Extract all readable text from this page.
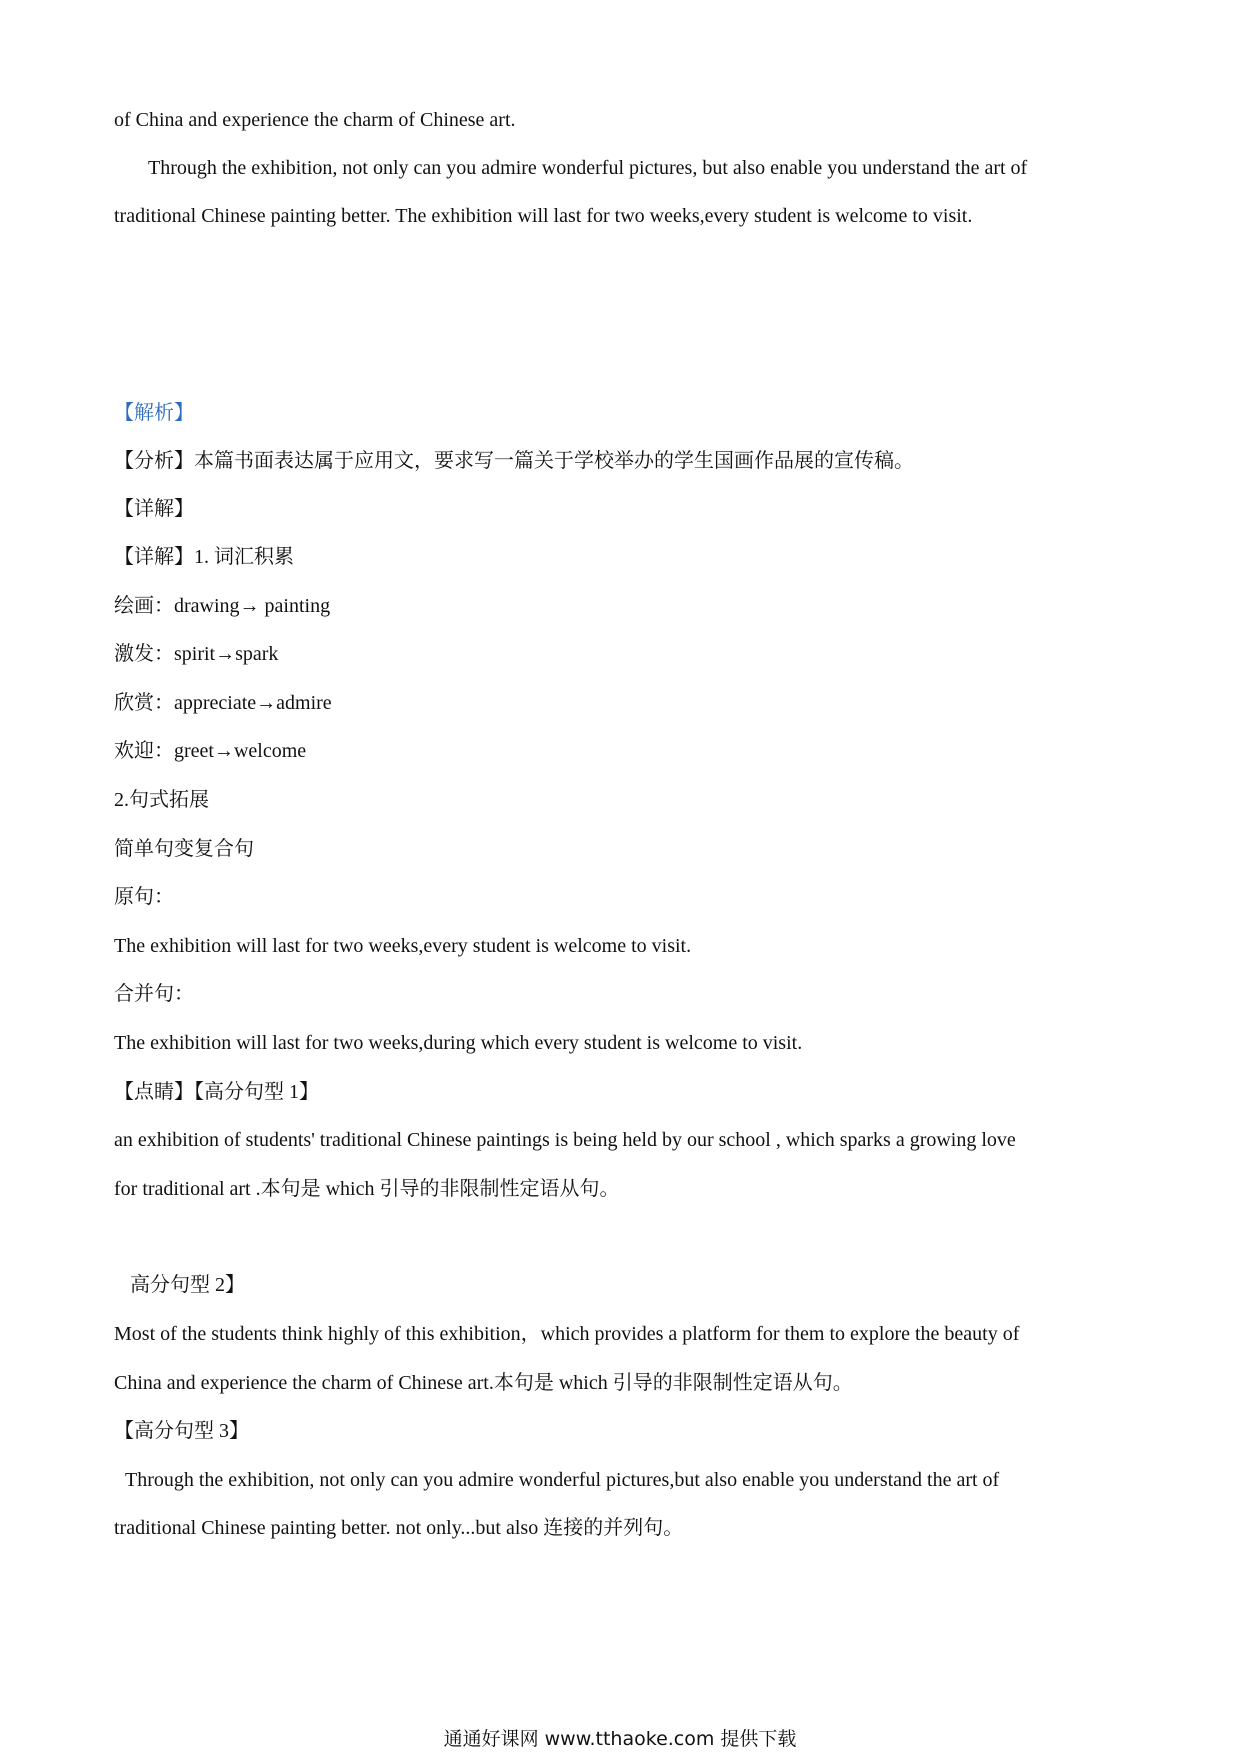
of China and experience the charm of Chinese art.
Through the exhibition, not only can you admire wonderful pictures, but also enable you understand the art of
traditional Chinese painting better. The exhibition will last for two weeks,every student is welcome to visit.
【解析】
【分析】本篇书面表达属于应用文，要求写一篇关于学校举办的学生国画作品展的宣传稿。
【详解】
【详解】1. 词汇积累
绘画：drawing→ painting
激发：spirit→spark
欣赏：appreciate→admire
欢迎：greet→welcome
2.句式拓展
简单句变复合句
原句：
The exhibition will last for two weeks,every student is welcome to visit.
合并句：
The exhibition will last for two weeks,during which every student is welcome to visit.
【点睛】【高分句型 1】
an exhibition of students' traditional Chinese paintings is being held by our school , which sparks a growing love
for traditional art .本句是 which 引导的非限制性定语从句。
高分句型 2】
Most of the students think highly of this exhibition，which provides a platform for them to explore the beauty of
China and experience the charm of Chinese art.本句是 which 引导的非限制性定语从句。
【高分句型 3】
Through the exhibition, not only can you admire wonderful pictures,but also enable you understand the art of
traditional Chinese painting better. not only...but also 连接的并列句。
通通好课网 www.tthaoke.com 提供下载
